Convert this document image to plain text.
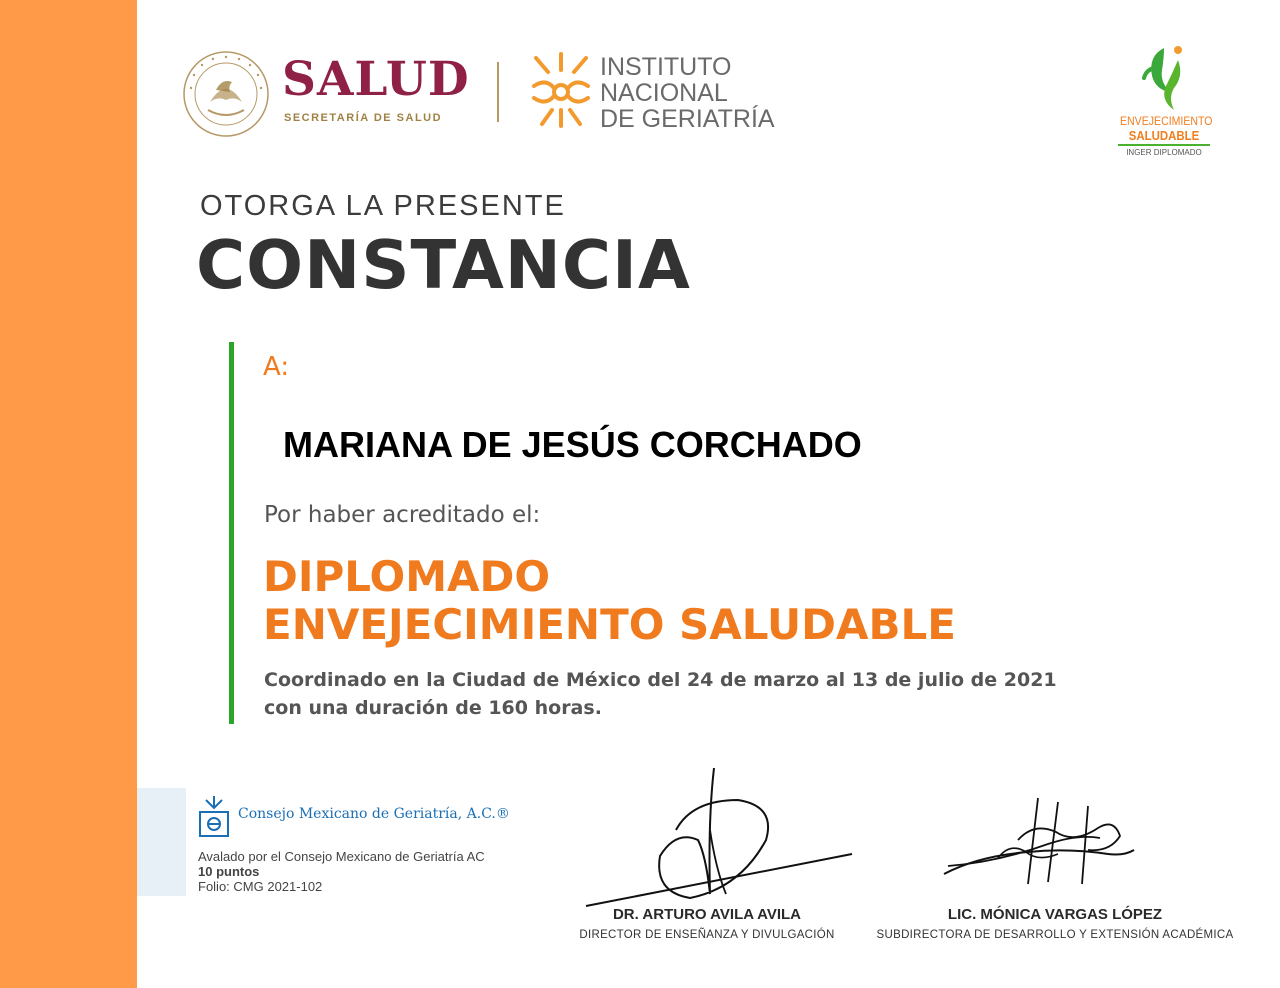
SALUD
SECRETARÍA DE SALUD
INSTITUTO
NACIONAL
DE GERIATRÍA	ENVEJECIMIENTO
SALUDABLE
INGER DIPLOMADO
OTORGA LA PRESENTE
CONSTANCIA
A:
MARIANA DE JESÚS CORCHADO
Por haber acreditado el:
DIPLOMADO
ENVEJECIMIENTO SALUDABLE
Coordinado en la Ciudad de México del 24 de marzo al 13 de julio de 2021
con una duración de 160 horas.
Consejo Mexicano de Geriatría, A.C.®
Avalado por el Consejo Mexicano de Geriatría AC
10 puntos
Folio: CMG 2021-102
DR. ARTURO AVILA AVILA
DIRECTOR DE ENSEÑANZA Y DIVULGACIÓN
LIC. MÓNICA VARGAS LÓPEZ
SUBDIRECTORA DE DESARROLLO Y EXTENSIÓN ACADÉMICA
